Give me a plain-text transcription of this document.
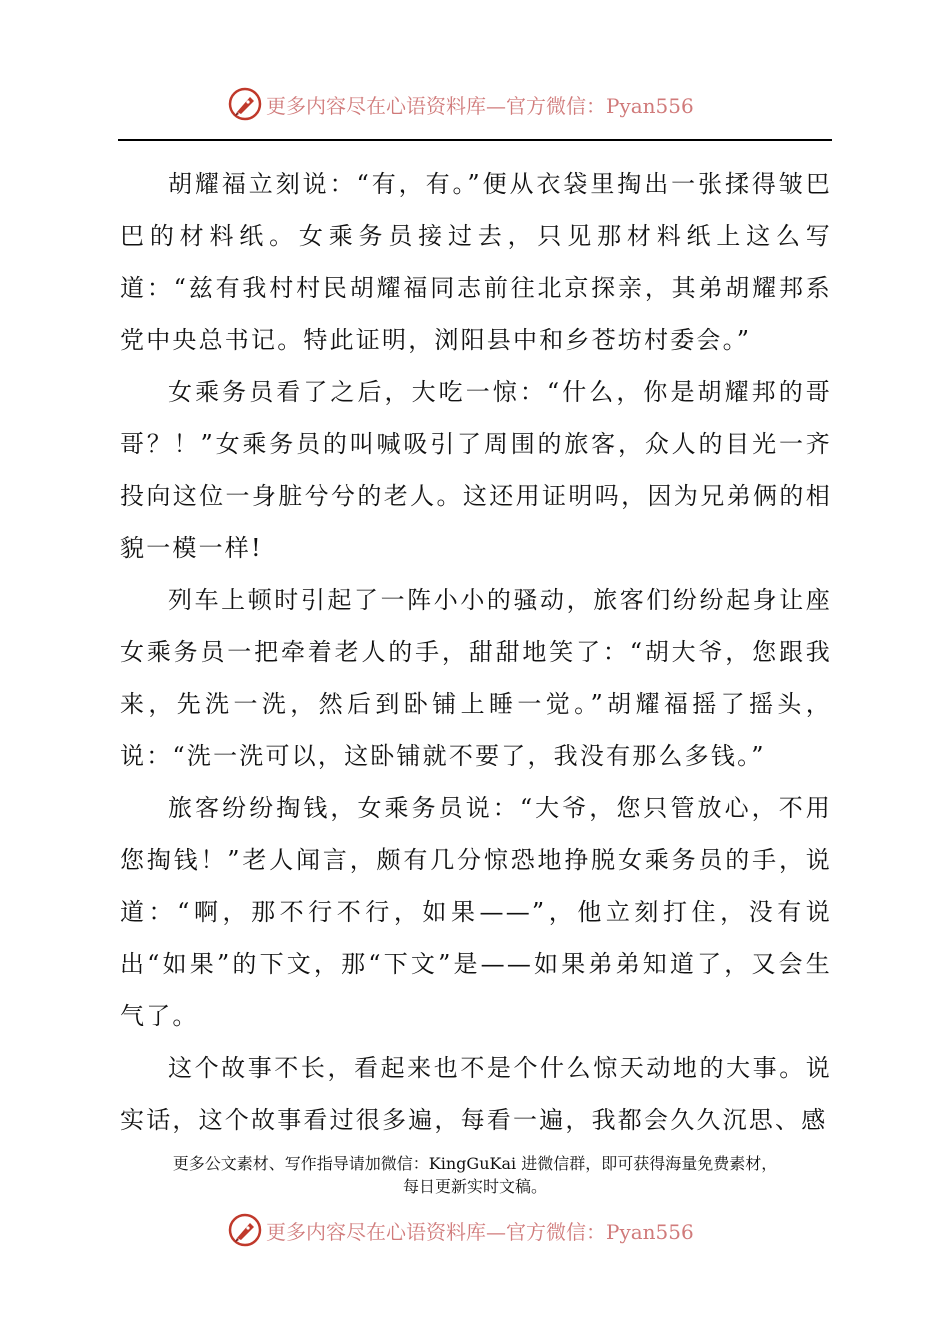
更多内容尽在心语资料库—官方微信：Pyan556

胡耀福立刻说：“有，有。”便从衣袋里掏出一张揉得皱巴巴的材料纸。女乘务员接过去，只见那材料纸上这么写道：“兹有我村村民胡耀福同志前往北京探亲，其弟胡耀邦系党中央总书记。特此证明，浏阳县中和乡苍坊村委会。”

女乘务员看了之后，大吃一惊：“什么，你是胡耀邦的哥哥？！”女乘务员的叫喊吸引了周围的旅客，众人的目光一齐投向这位一身脏兮兮的老人。这还用证明吗，因为兄弟俩的相貌一模一样!

列车上顿时引起了一阵小小的骚动，旅客们纷纷起身让座女乘务员一把牵着老人的手，甜甜地笑了：“胡大爷，您跟我来，先洗一洗，然后到卧铺上睡一觉。”胡耀福摇了摇头，说：“洗一洗可以，这卧铺就不要了，我没有那么多钱。”

旅客纷纷掏钱，女乘务员说：“大爷，您只管放心，不用您掏钱！”老人闻言，颇有几分惊恐地挣脱女乘务员的手，说道：“啊，那不行不行，如果——”，他立刻打住，没有说出“如果”的下文，那“下文”是——如果弟弟知道了，又会生气了。

这个故事不长，看起来也不是个什么惊天动地的大事。说实话，这个故事看过很多遍，每看一遍，我都会久久沉思、感

更多公文素材、写作指导请加微信：KingGuKai 进微信群，即可获得海量免费素材，
每日更新实时文稿。
更多内容尽在心语资料库—官方微信：Pyan556
